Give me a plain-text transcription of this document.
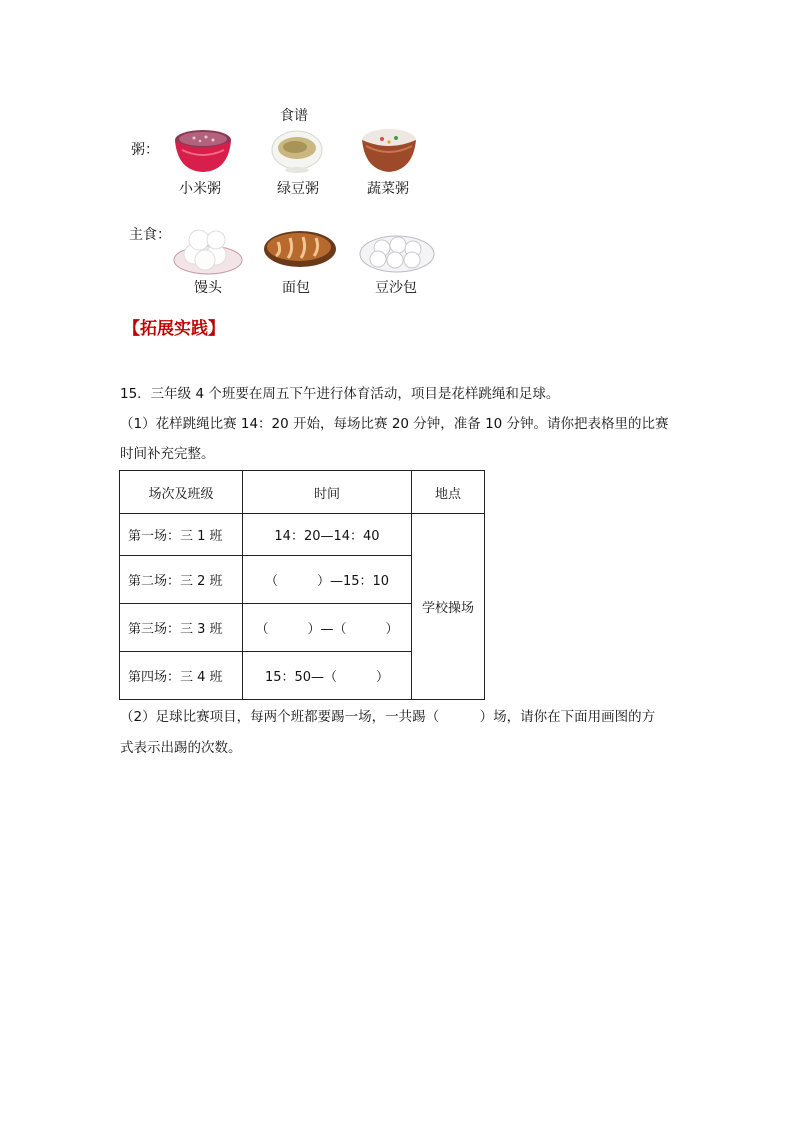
食谱
粥：
小米粥	绿豆粥	蔬菜粥
主食：
馒头	面包	豆沙包
【拓展实践】
15．三年级 4 个班要在周五下午进行体育活动，项目是花样跳绳和足球。
（1）花样跳绳比赛 14：20 开始，每场比赛 20 分钟，准备 10 分钟。请你把表格里的比赛
时间补充完整。
场次及班级	时间	地点
第一场：三 1 班	14：20—14：40	学校操场
第二场：三 2 班	（　　　）—15：10	
第三场：三 3 班	（　　　）—（　　　）	
第四场：三 4 班	15：50—（　　　）	
（2）足球比赛项目，每两个班都要踢一场，一共踢（　　　）场，请你在下面用画图的方
式表示出踢的次数。
